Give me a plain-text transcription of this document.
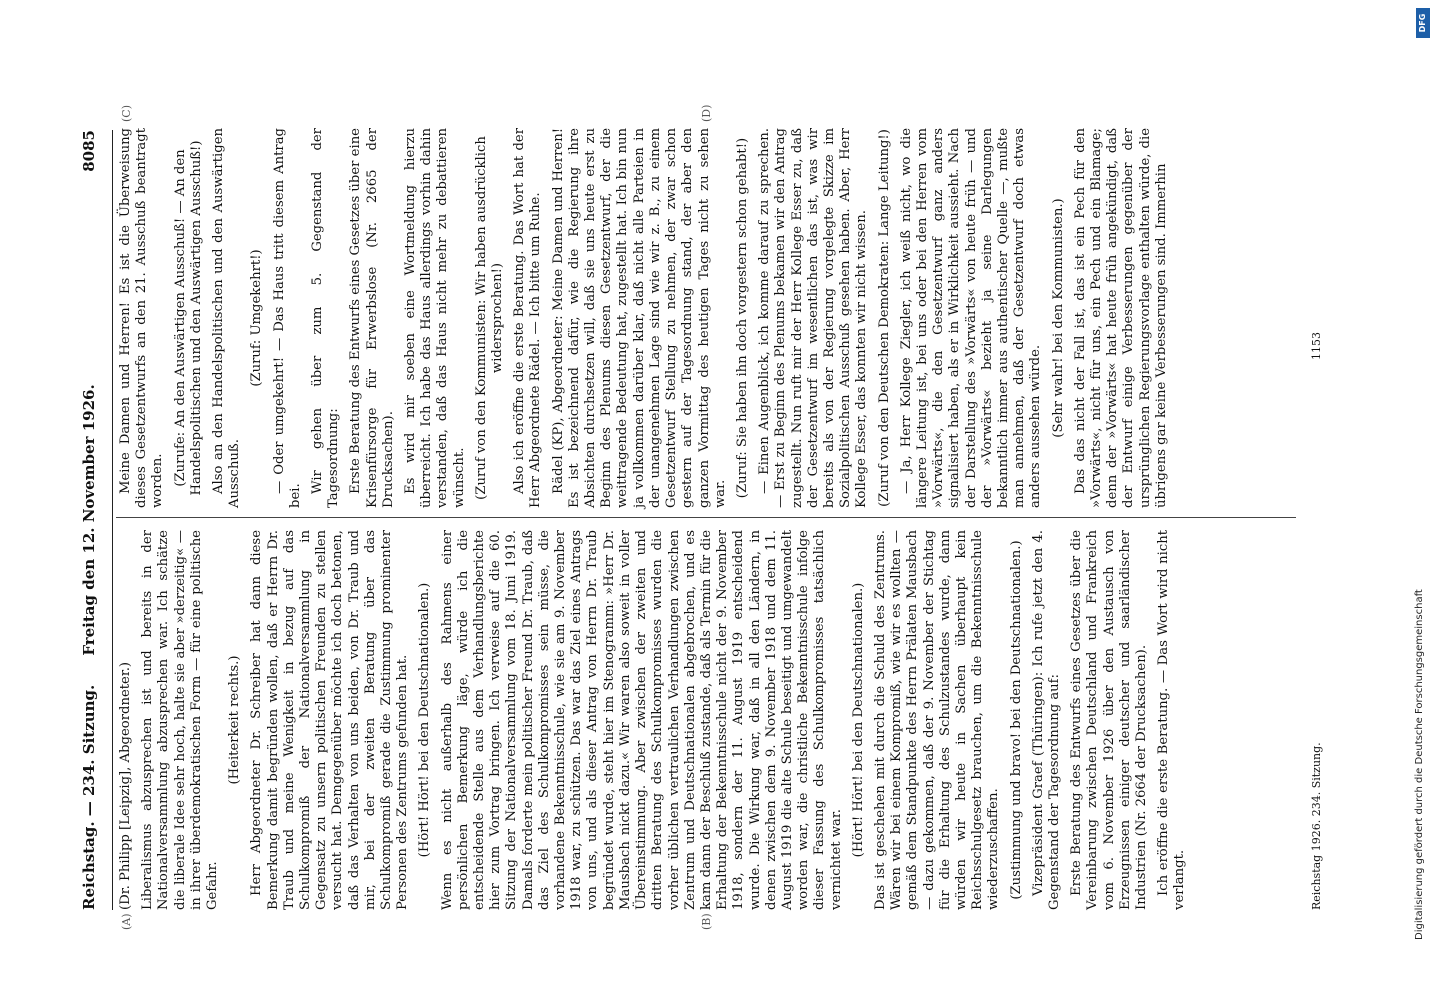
Reichstag. — 234. Sitzung.
Freitag den 12. November 1926.
8085
(A)	(B)
(C)	(D)

(Dr. Philipp [Leipzig], Abgeordneter.) Liberalismus abzusprechen ist und bereits in der Nationalversammlung abzusprechen war. Ich schätze die liberale Idee sehr hoch, halte sie aber »derzeitig« — in ihrer überdemokratischen Form — für eine politische Gefahr.

(Heiterkeit rechts.) Herr Abgeordneter Dr. Schreiber hat dann diese Bemerkung damit begründen wollen, daß er Herrn Dr. Traub und meine Wenigkeit in bezug auf das Schulkompromiß der Nationalversammlung in Gegensatz zu unsern politischen Freunden zu stellen versucht hat. Demgegenüber möchte ich doch betonen, daß das Verhalten von uns beiden, von Dr. Traub und mir, bei der zweiten Beratung über das Schulkompromiß gerade die Zustimmung prominenter Personen des Zentrums gefunden hat. (Hört! Hört! bei den Deutschnationalen.) Wenn es nicht außerhalb des Rahmens einer persönlichen Bemerkung läge, würde ich die entscheidende Stelle aus dem Verhandlungsberichte hier zum Vortrag bringen. Ich verweise auf die 60. Sitzung der Nationalversammlung vom 18. Juni 1919. Damals forderte mein politischer Freund Dr. Traub, daß das Ziel des Schulkompromisses sein müsse, die vorhandene Bekenntnisschule, wie sie am 9. November 1918 war, zu schützen. Das war das Ziel eines Antrags von uns, und als dieser Antrag von Herrn Dr. Traub begründet wurde, steht hier im Stenogramm: »Herr Dr. Mausbach nickt dazu.« Wir waren also soweit in voller Übereinstimmung. Aber zwischen der zweiten und dritten Beratung des Schulkompromisses wurden die vorher üblichen vertraulichen Verhandlungen zwischen Zentrum und Deutschnationalen abgebrochen, und es kam dann der Beschluß zustande, daß als Termin für die Erhaltung der Bekenntnisschule nicht der 9. November 1918, sondern der 11. August 1919 entscheidend wurde. Die Wirkung war, daß in all den Ländern, in denen zwischen dem 9. November 1918 und dem 11. August 1919 die alte Schule beseitigt und umgewandelt worden war, die christliche Bekenntnisschule infolge dieser Fassung des Schulkompromisses tatsächlich vernichtet war.

(Hört! Hört! bei den Deutschnationalen.) Das ist geschehen mit durch die Schuld des Zentrums. Wären wir bei einem Kompromiß, wie wir es wollten — gemäß dem Standpunkte des Herrn Prälaten Mausbach — dazu gekommen, daß der 9. November der Stichtag für die Erhaltung des Schulzustandes wurde, dann würden wir heute in Sachen überhaupt kein Reichsschulgesetz brauchen, um die Bekenntnisschule wiederzuschaffen. (Zustimmung und bravo! bei den Deutschnationalen.) Vizepräsident Graef (Thüringen): Ich rufe jetzt den 4. Gegenstand der Tagesordnung auf: Erste Beratung des Entwurfs eines Gesetzes über die Vereinbarung zwischen Deutschland und Frankreich vom 6. November 1926 über den Austausch von Erzeugnissen einiger deutscher und saarländischer Industrien (Nr. 2664 der Drucksachen). Ich eröffne die erste Beratung. — Das Wort wird nicht verlangt.

Meine Damen und Herren! Es ist die Überweisung dieses Gesetzentwurfs an den 21. Ausschuß beantragt worden. (Zurufe: An den Auswärtigen Ausschuß! — An den Handelspolitischen und den Auswärtigen Ausschuß!) Also an den Handelspolitischen und den Auswärtigen Ausschuß.

(Zuruf: Umgekehrt!) — Oder umgekehrt! — Das Haus tritt diesem Antrag bei.

Wir gehen über zum 5. Gegenstand der Tagesordnung: Erste Beratung des Entwurfs eines Gesetzes über eine Krisenfürsorge für Erwerbslose (Nr. 2665 der Drucksachen). Es wird mir soeben eine Wortmeldung hierzu überreicht. Ich habe das Haus allerdings vorhin dahin verstanden, daß das Haus nicht mehr zu debattieren wünscht. (Zuruf von den Kommunisten: Wir haben ausdrücklich widersprochen!) Also ich eröffne die erste Beratung. Das Wort hat der Herr Abgeordnete Rädel. — Ich bitte um Ruhe. Rädel (KP), Abgeordneter: Meine Damen und Herren! Es ist bezeichnend dafür, wie die Regierung ihre Absichten durchsetzen will, daß sie uns heute erst zu Beginn des Plenums diesen Gesetzentwurf, der die weittragende Bedeutung hat, zugestellt hat. Ich bin nun ja vollkommen darüber klar, daß nicht alle Parteien in der unangenehmen Lage sind wie wir z. B., zu einem Gesetzentwurf Stellung zu nehmen, der zwar schon gestern auf der Tagesordnung stand, der aber den ganzen Vormittag des heutigen Tages nicht zu sehen war. (Zuruf: Sie haben ihn doch vorgestern schon gehabt!) — Einen Augenblick, ich komme darauf zu sprechen. — Erst zu Beginn des Plenums bekamen wir den Antrag zugestellt. Nun ruft mir der Herr Kollege Esser zu, daß der Gesetzentwurf im wesentlichen das ist, was wir bereits als von der Regierung vorgelegte Skizze im Sozialpolitischen Ausschuß gesehen haben. Aber, Herr Kollege Esser, das konnten wir nicht wissen. (Zuruf von den Deutschen Demokraten: Lange Leitung!) — Ja, Herr Kollege Ziegler, ich weiß nicht, wo die längere Leitung ist, bei uns oder bei den Herren vom »Vorwärts«, die den Gesetzentwurf ganz anders signalisiert haben, als er in Wirklichkeit aussieht. Nach der Darstellung des »Vorwärts« von heute früh — und der »Vorwärts« bezieht ja seine Darlegungen bekanntlich immer aus authentischer Quelle —, mußte man annehmen, daß der Gesetzentwurf doch etwas anders aussehen würde. (Sehr wahr! bei den Kommunisten.) Das das nicht der Fall ist, das ist ein Pech für den »Vorwärts«, nicht für uns, ein Pech und ein Blamage; denn der »Vorwärts« hat heute früh angekündigt, daß der Entwurf einige Verbesserungen gegenüber der ursprünglichen Regierungsvorlage enthalten würde, die übrigens gar keine Verbesserungen sind. Immerhin

Reichstag 1926. 234. Sitzung.
1153
Digitalisierung gefördert durch die Deutsche Forschungsgemeinschaft
DFG
